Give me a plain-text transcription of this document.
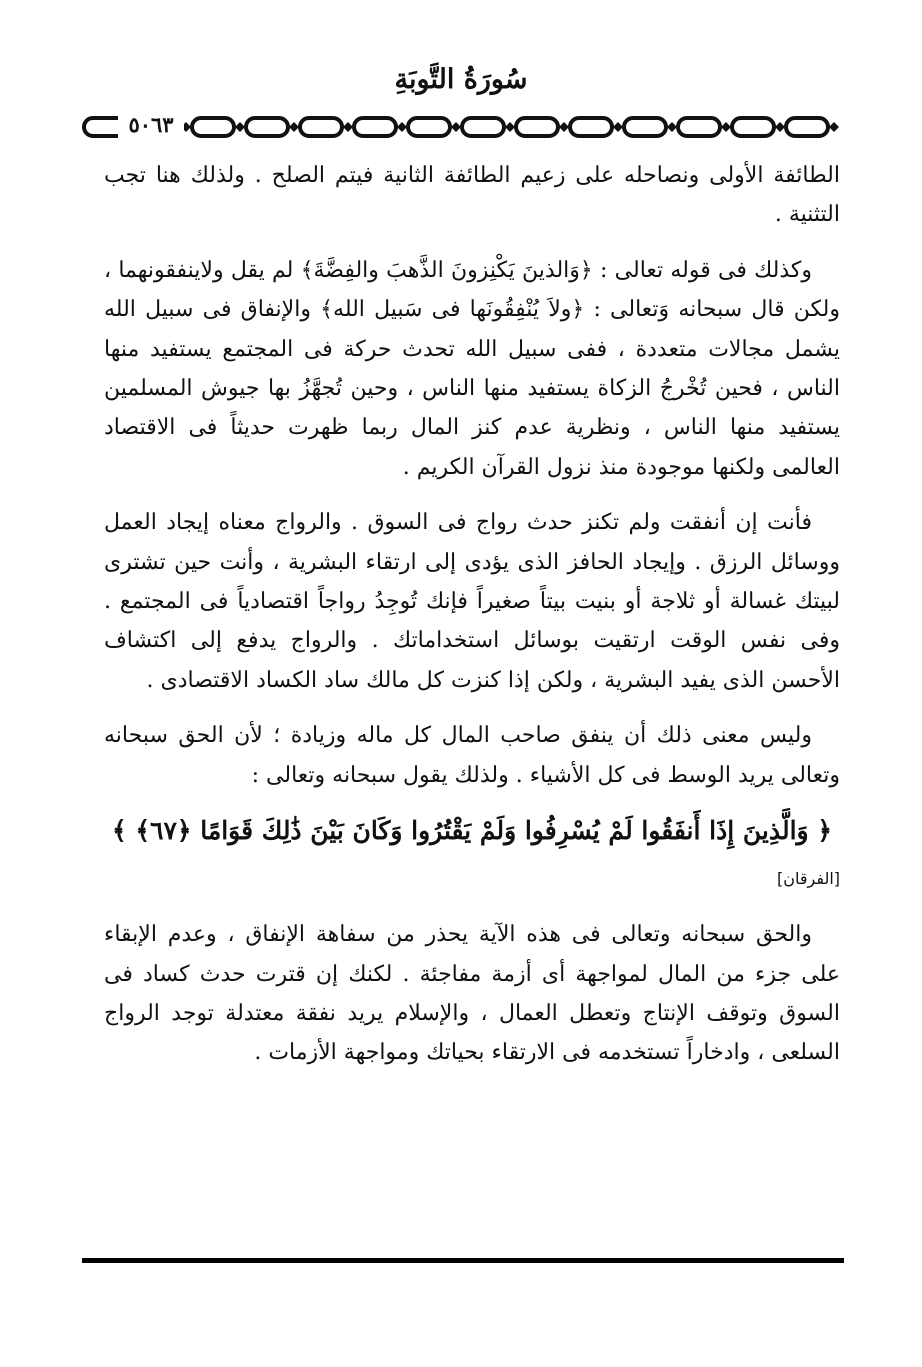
سُورَةُ التَّوبَةِ
٥٠٦٣

الطائفة الأولى ونصاحله على زعيم الطائفة الثانية فيتم الصلح . ولذلك هنا تجب التثنية .

وكذلك فى قوله تعالى : ﴿وَالذينَ يَكْنِزونَ الذَّهبَ والفِضَّةَ﴾ لم يقل ولاينفقونهما ، ولكن قال سبحانه وَتعالى : ﴿ولاَ يُنْفِقُونَها فى سَبيل الله﴾ والإنفاق فى سبيل الله يشمل مجالات متعددة ، ففى سبيل الله تحدث حركة فى المجتمع يستفيد منها الناس ، فحين تُخْرجُ الزكاة يستفيد منها الناس ، وحين تُجهَّزُ بها جيوش المسلمين يستفيد منها الناس ، ونظرية عدم كنز المال ربما ظهرت حديثاً فى الاقتصاد العالمى ولكنها موجودة منذ نزول القرآن الكريم .

فأنت إن أنفقت ولم تكنز حدث رواج فى السوق . والرواج معناه إيجاد العمل ووسائل الرزق . وإيجاد الحافز الذى يؤدى إلى ارتقاء البشرية ، وأنت حين تشترى لبيتك غسالة أو ثلاجة أو بنيت بيتاً صغيراً فإنك تُوجِدُ رواجاً اقتصادياً فى المجتمع . وفى نفس الوقت ارتقيت بوسائل استخداماتك . والرواج يدفع إلى اكتشاف الأحسن الذى يفيد البشرية ، ولكن إذا كنزت كل مالك ساد الكساد الاقتصادى .

وليس معنى ذلك أن ينفق صاحب المال كل ماله وزيادة ؛ لأن الحق سبحانه وتعالى يريد الوسط فى كل الأشياء . ولذلك يقول سبحانه وتعالى :

﴿ وَالَّذِينَ إِذَا أَنفَقُوا لَمْ يُسْرِفُوا وَلَمْ يَقْتُرُوا وَكَانَ بَيْنَ ذَٰلِكَ قَوَامًا ﴿٦٧﴾ ﴾
[الفرقان]

والحق سبحانه وتعالى فى هذه الآية يحذر من سفاهة الإنفاق ، وعدم الإبقاء على جزء من المال لمواجهة أى أزمة مفاجئة . لكنك إن قترت حدث كساد فى السوق وتوقف الإنتاج وتعطل العمال ، والإسلام يريد نفقة معتدلة توجد الرواج السلعى ، وادخاراً تستخدمه فى الارتقاء بحياتك ومواجهة الأزمات .
